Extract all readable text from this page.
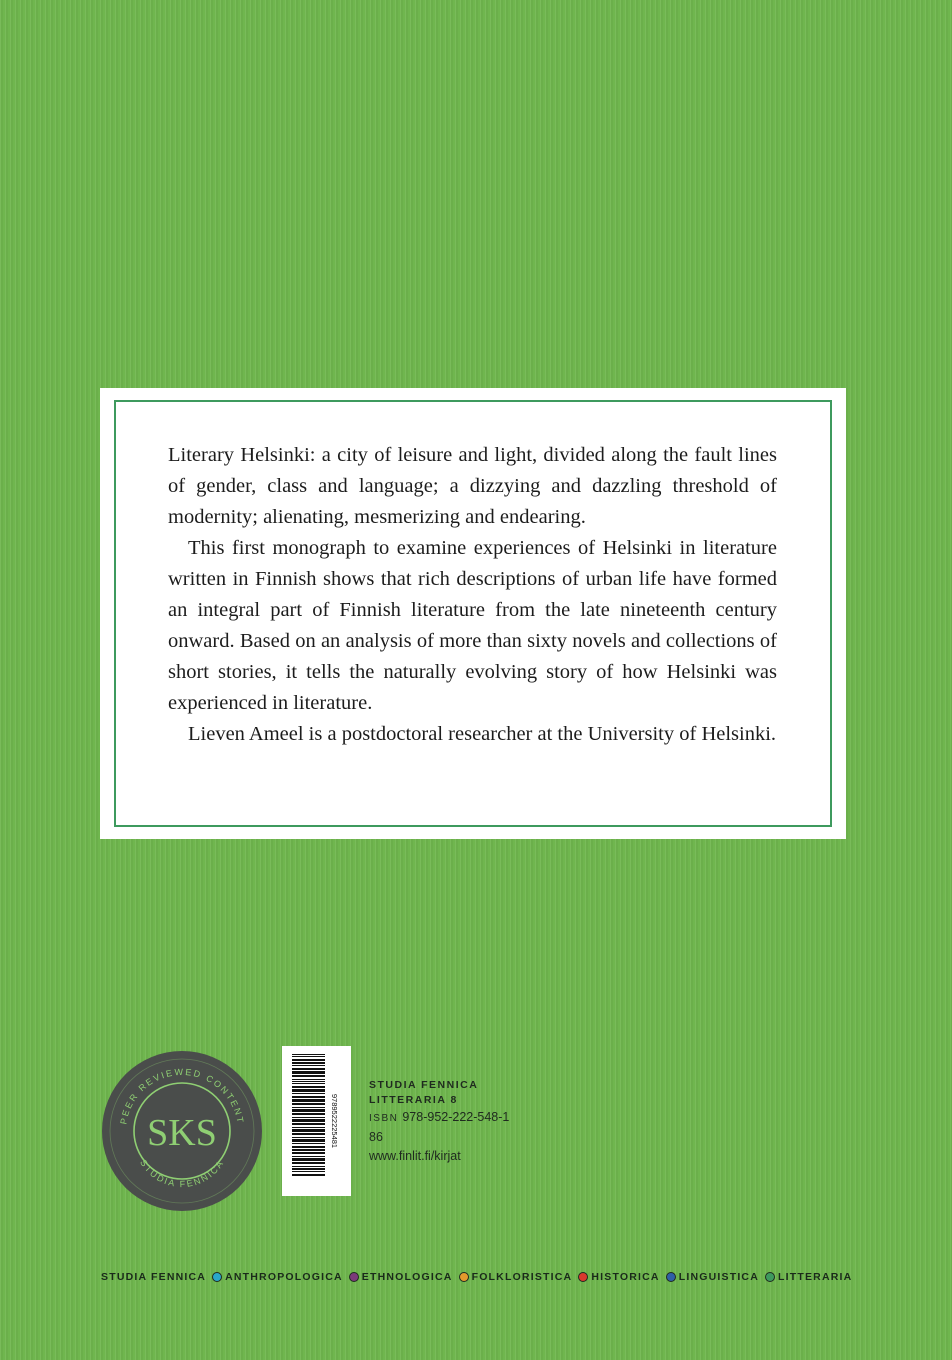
Literary Helsinki: a city of leisure and light, divided along the fault lines of gender, class and language; a dizzying and dazzling threshold of modernity; alienating, mesmerizing and endearing.

This first monograph to examine experiences of Helsinki in literature written in Finnish shows that rich descriptions of urban life have formed an integral part of Finnish literature from the late nineteenth century onward. Based on an analysis of more than sixty novels and collections of short stories, it tells the naturally evolving story of how Helsinki was experienced in literature.

Lieven Ameel is a postdoctoral researcher at the University of Helsinki.

PEER REVIEWED CONTENT
STUDIA FENNICA
SKS	9789522225481
STUDIA FENNICA
LITTERARIA 8
ISBN 978-952-222-548-1
86
www.finlit.fi/kirjat
STUDIA FENNICA ANTHROPOLOGICA ETHNOLOGICA FOLKLORISTICA HISTORICA LINGUISTICA LITTERARIA
